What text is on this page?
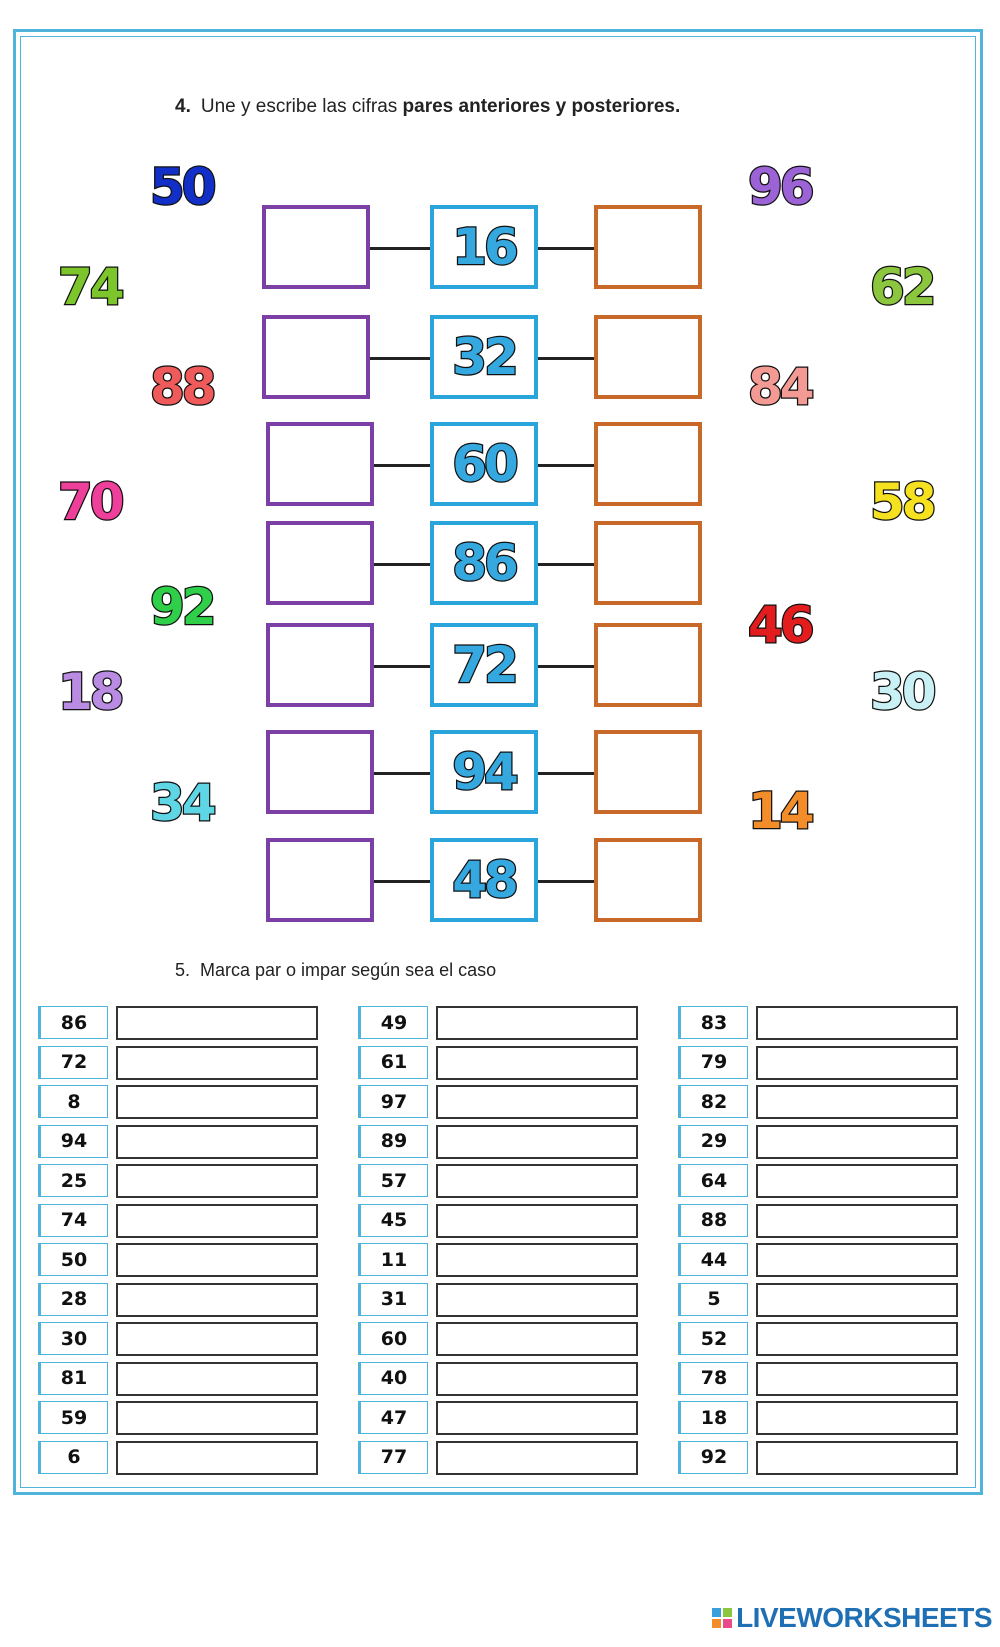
4. Une y escribe las cifras pares anteriores y posteriores.
16
32
60
86
72
94
48
50
74
88
70
92
18
34
96
62
84
58
46
30
14
5. Marca par o impar según sea el caso
86
72
8
94
25
74
50
28
30
81
59
6
49
61
97
89
57
45
11
31
60
40
47
77
83
79
82
29
64
88
44
5
52
78
18
92
LIVEWORKSHEETS
